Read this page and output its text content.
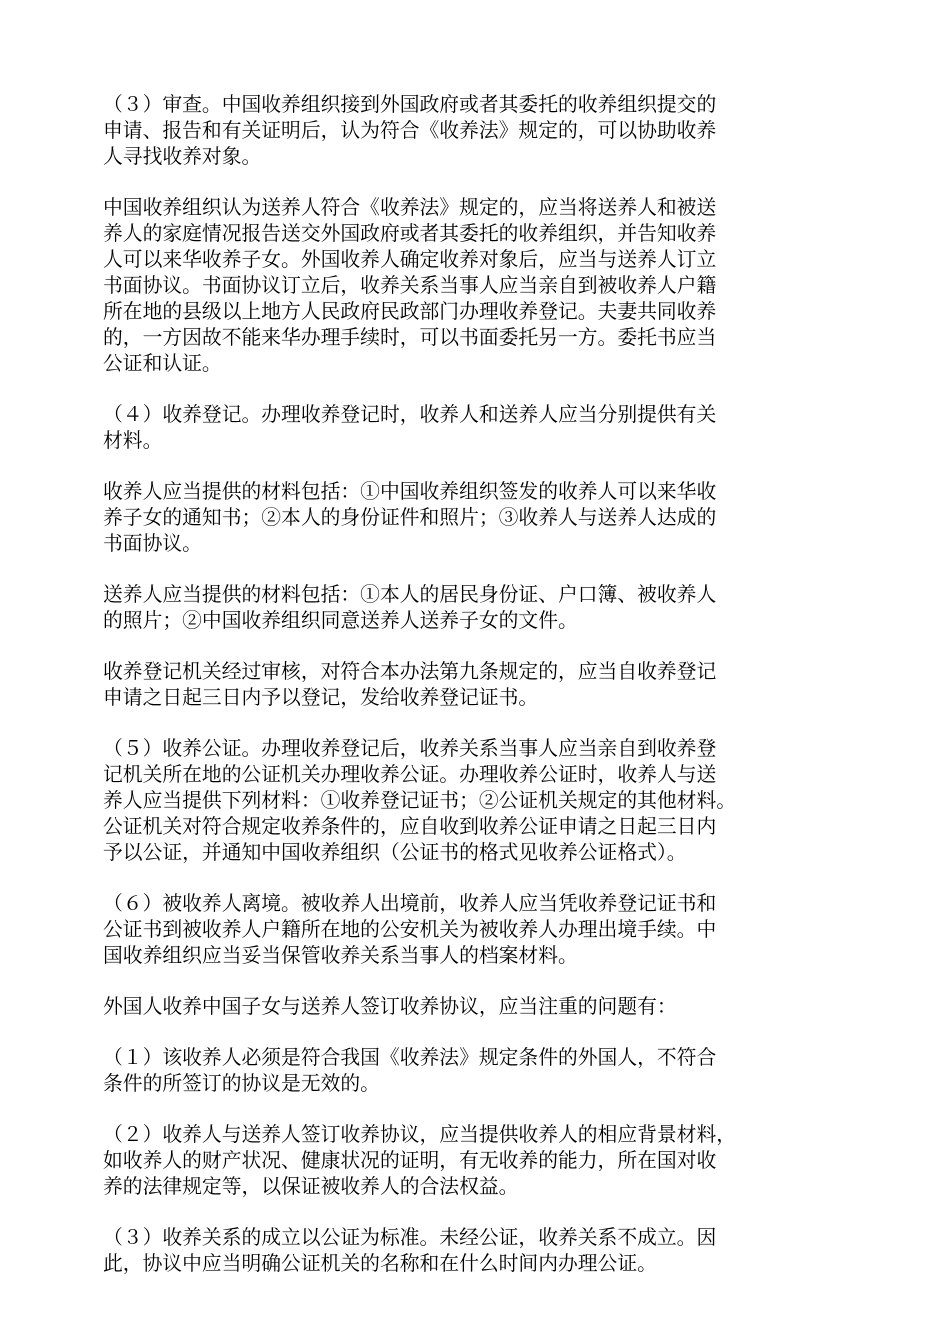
（３）审查。中国收养组织接到外国政府或者其委托的收养组织提交的
申请、报告和有关证明后，认为符合《收养法》规定的，可以协助收养
人寻找收养对象。

中国收养组织认为送养人符合《收养法》规定的，应当将送养人和被送
养人的家庭情况报告送交外国政府或者其委托的收养组织，并告知收养
人可以来华收养子女。外国收养人确定收养对象后，应当与送养人订立
书面协议。书面协议订立后，收养关系当事人应当亲自到被收养人户籍
所在地的县级以上地方人民政府民政部门办理收养登记。夫妻共同收养
的，一方因故不能来华办理手续时，可以书面委托另一方。委托书应当
公证和认证。

（４）收养登记。办理收养登记时，收养人和送养人应当分别提供有关
材料。

收养人应当提供的材料包括：①中国收养组织签发的收养人可以来华收
养子女的通知书；②本人的身份证件和照片；③收养人与送养人达成的
书面协议。

送养人应当提供的材料包括：①本人的居民身份证、户口簿、被收养人
的照片；②中国收养组织同意送养人送养子女的文件。

收养登记机关经过审核，对符合本办法第九条规定的，应当自收养登记
申请之日起三日内予以登记，发给收养登记证书。

（５）收养公证。办理收养登记后，收养关系当事人应当亲自到收养登
记机关所在地的公证机关办理收养公证。办理收养公证时，收养人与送
养人应当提供下列材料：①收养登记证书；②公证机关规定的其他材料。
公证机关对符合规定收养条件的，应自收到收养公证申请之日起三日内
予以公证，并通知中国收养组织（公证书的格式见收养公证格式）。

（６）被收养人离境。被收养人出境前，收养人应当凭收养登记证书和
公证书到被收养人户籍所在地的公安机关为被收养人办理出境手续。中
国收养组织应当妥当保管收养关系当事人的档案材料。

外国人收养中国子女与送养人签订收养协议，应当注重的问题有：

（１）该收养人必须是符合我国《收养法》规定条件的外国人，不符合
条件的所签订的协议是无效的。

（２）收养人与送养人签订收养协议，应当提供收养人的相应背景材料，
如收养人的财产状况、健康状况的证明，有无收养的能力，所在国对收
养的法律规定等，以保证被收养人的合法权益。

（３）收养关系的成立以公证为标准。未经公证，收养关系不成立。因
此，协议中应当明确公证机关的名称和在什么时间内办理公证。
